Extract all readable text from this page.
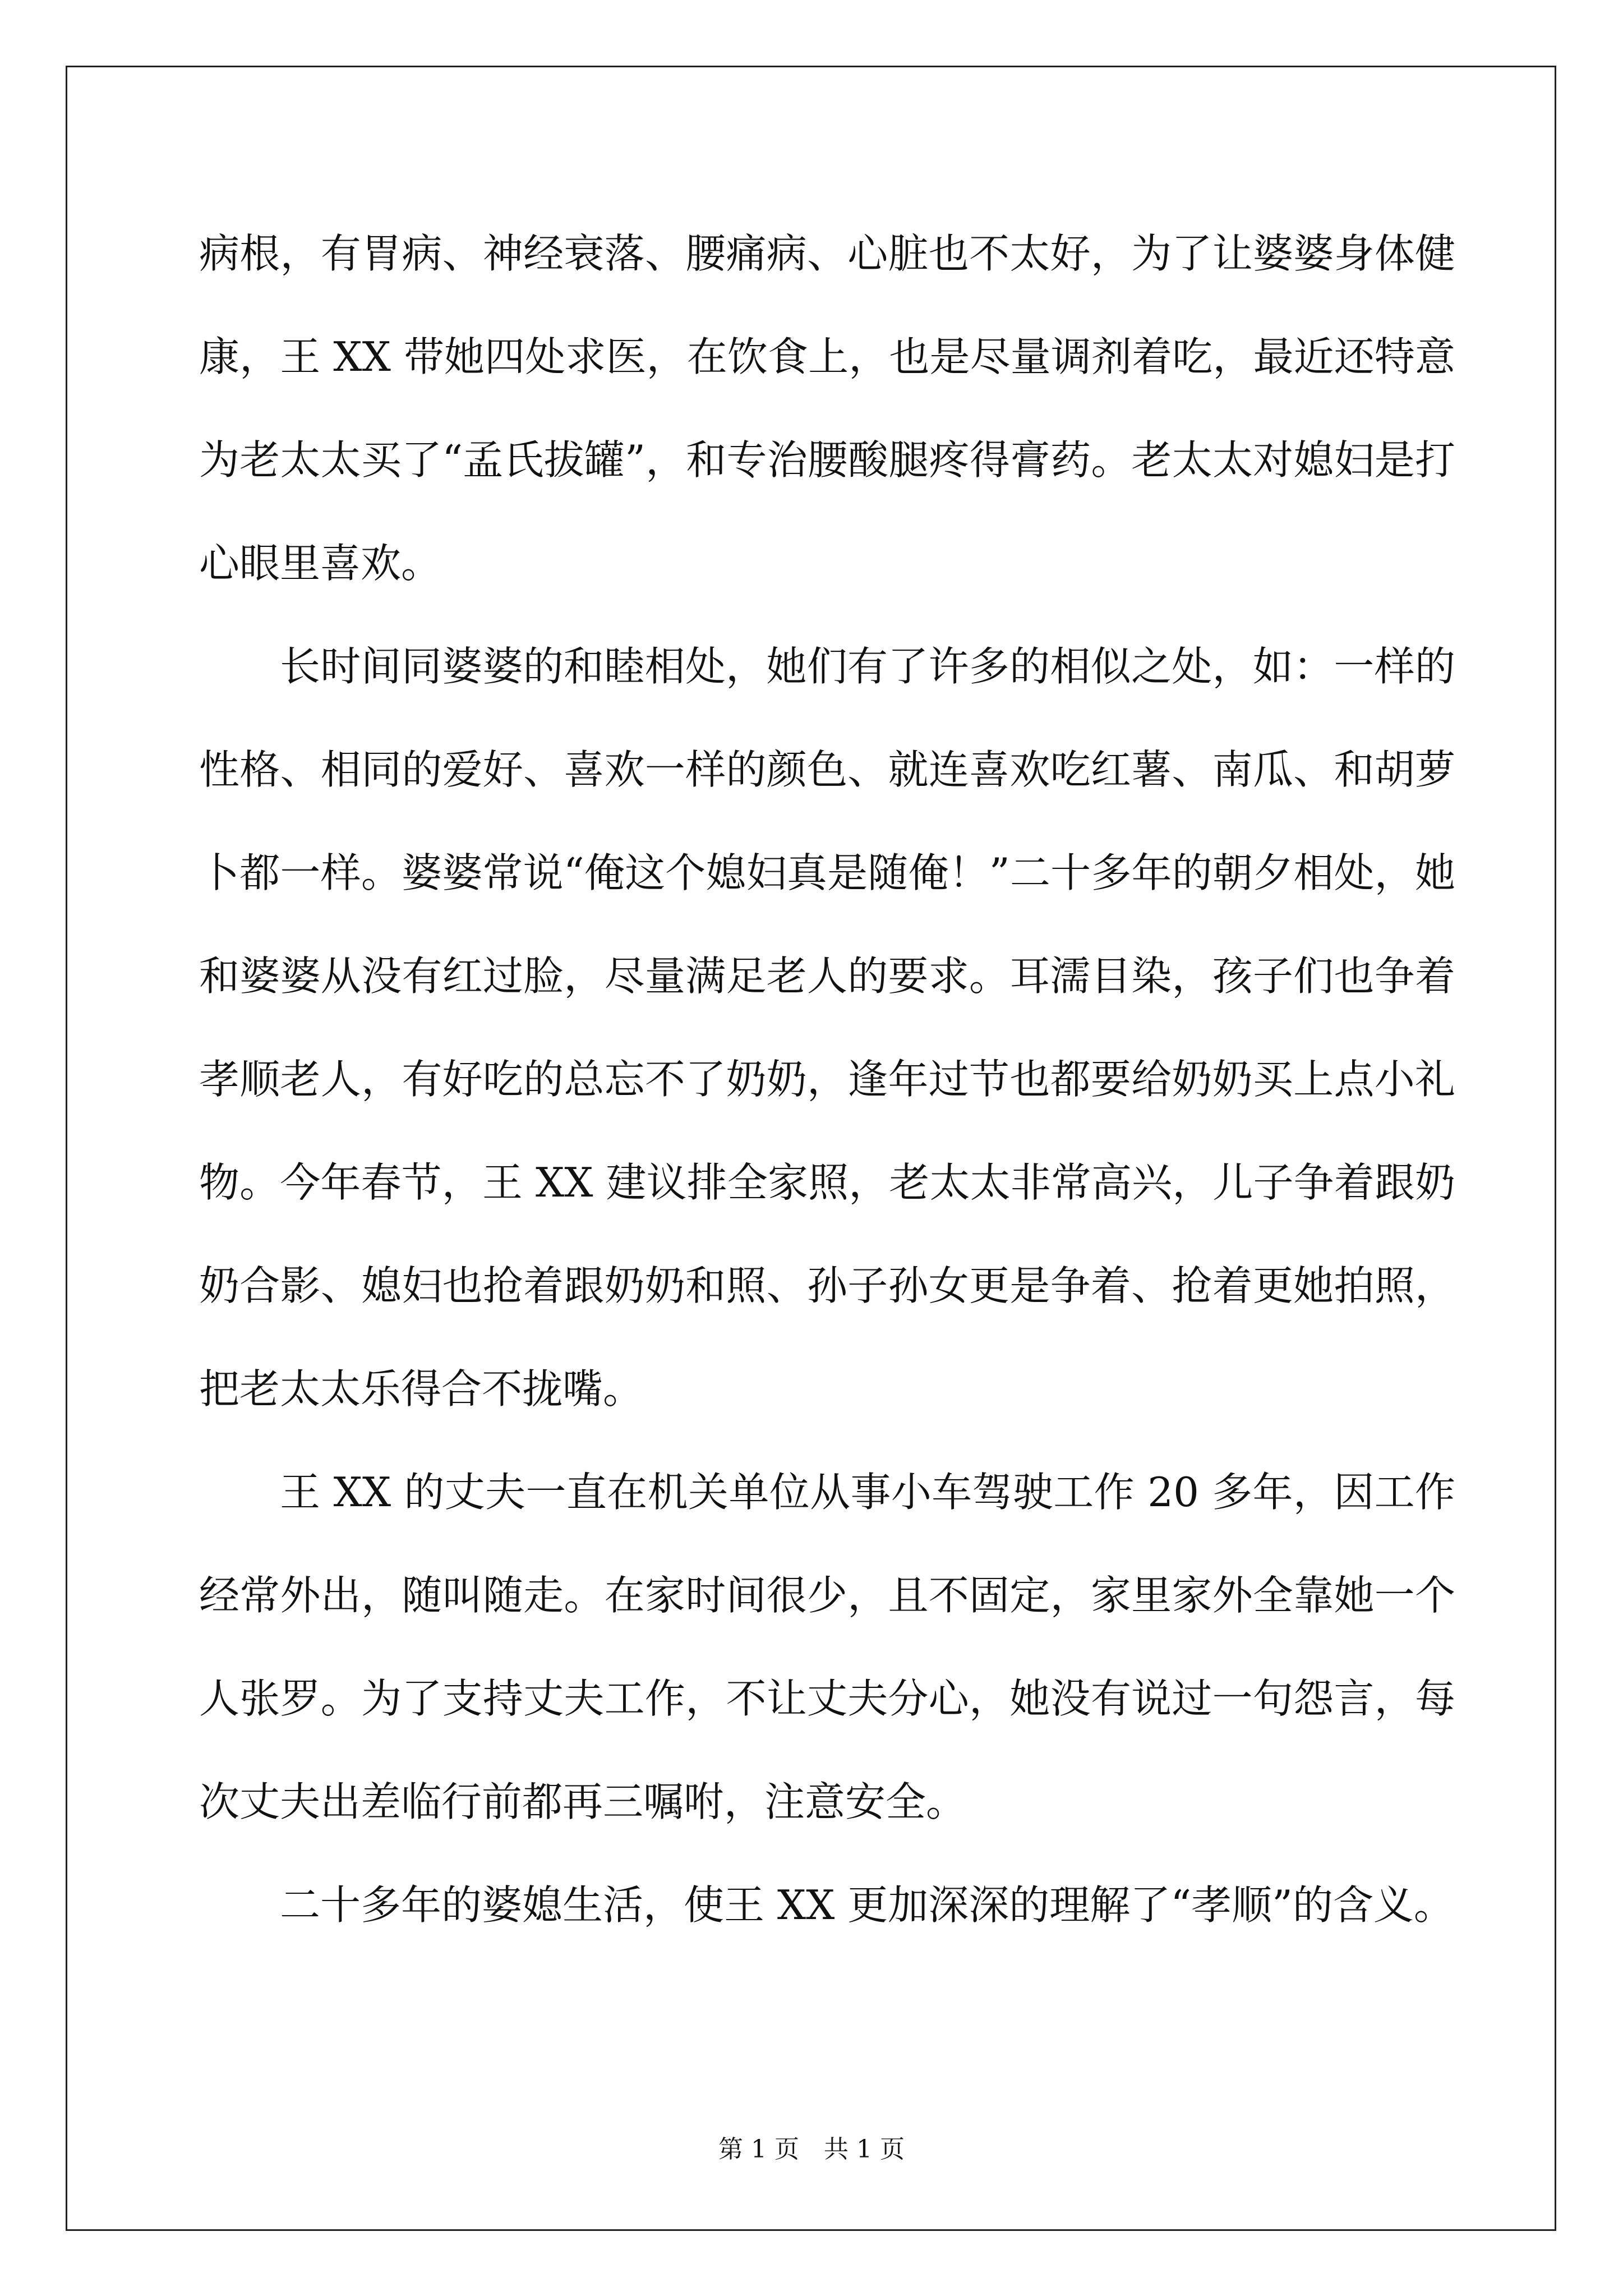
病根，有胃病、神经衰落、腰痛病、心脏也不太好，为了让婆婆身体健康，王 XX 带她四处求医，在饮食上，也是尽量调剂着吃，最近还特意为老太太买了“孟氏拔罐”，和专治腰酸腿疼得膏药。老太太对媳妇是打心眼里喜欢。

长时间同婆婆的和睦相处，她们有了许多的相似之处，如：一样的性格、相同的爱好、喜欢一样的颜色、就连喜欢吃红薯、南瓜、和胡萝卜都一样。婆婆常说“俺这个媳妇真是随俺！”二十多年的朝夕相处，她和婆婆从没有红过脸，尽量满足老人的要求。耳濡目染，孩子们也争着孝顺老人，有好吃的总忘不了奶奶，逢年过节也都要给奶奶买上点小礼物。今年春节，王 XX 建议排全家照，老太太非常高兴，儿子争着跟奶奶合影、媳妇也抢着跟奶奶和照、孙子孙女更是争着、抢着更她拍照，把老太太乐得合不拢嘴。

王 XX 的丈夫一直在机关单位从事小车驾驶工作 20 多年，因工作经常外出，随叫随走。在家时间很少，且不固定，家里家外全靠她一个人张罗。为了支持丈夫工作，不让丈夫分心，她没有说过一句怨言，每次丈夫出差临行前都再三嘱咐，注意安全。

二十多年的婆媳生活，使王 XX 更加深深的理解了“孝顺”的含义。

第 1 页　共 1 页
